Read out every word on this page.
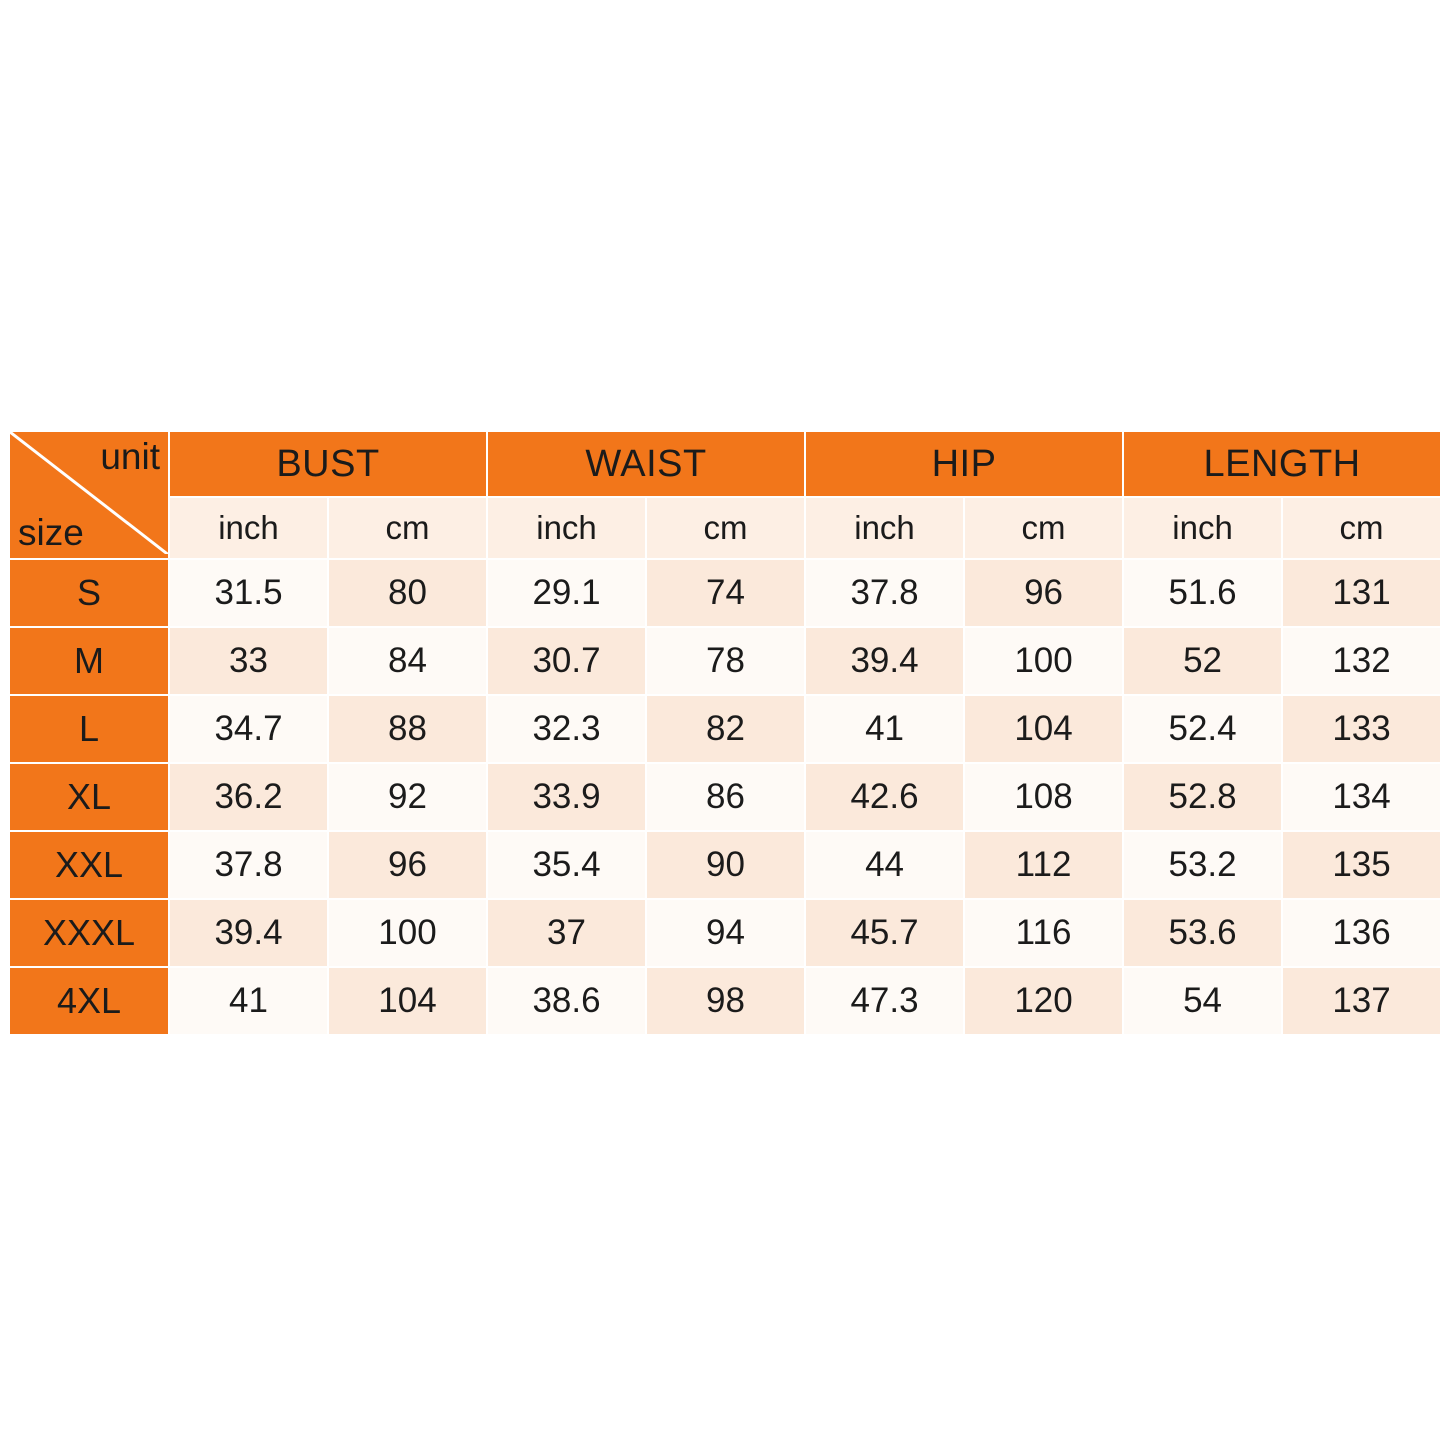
unit
size	BUST		WAIST		HIP		LENGTH	
	inch	cm	inch	cm	inch	cm	inch	cm
S	31.5	80	29.1	74	37.8	96	51.6	131
M	33	84	30.7	78	39.4	100	52	132
L	34.7	88	32.3	82	41	104	52.4	133
XL	36.2	92	33.9	86	42.6	108	52.8	134
XXL	37.8	96	35.4	90	44	112	53.2	135
XXXL	39.4	100	37	94	45.7	116	53.6	136
4XL	41	104	38.6	98	47.3	120	54	137
